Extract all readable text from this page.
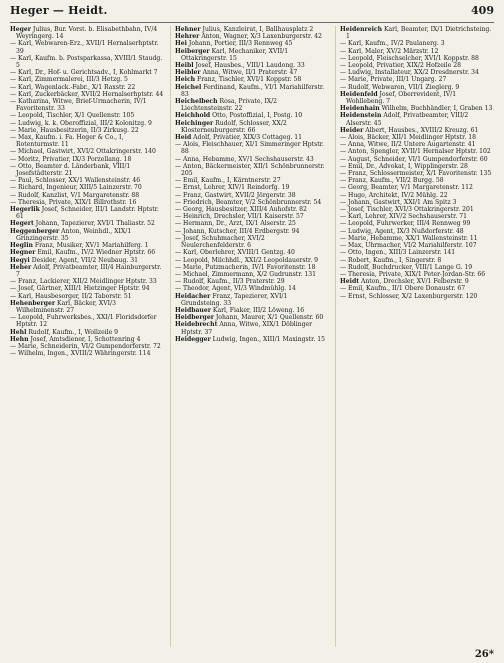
Heger — Heidt.	409

Heger Julius, Bur. Vorst. b. Elisabethbahn, IV/4 Weyringerg. 14

— Karl, Webwaren-Erz., XVII/1 Hernalserhptstr. 39

— Karl, Kaufm. b. Postsparkassa, XVIII/1 Staudg. 5

— Karl, Dr., Hof- u. Gerichtsadv., I, Kohlmarkt 7

— Karl, Zimmermalerei, III/3 Hetzg. 5

— Karl, Wagenlack.-Fabr., X/1 Raxstr. 22

— Karl, Zuckerbäcker, XVII/2 Hernalserhptstr. 44

— Katharina, Witwe, Brief-Urmacherin, IV/1 Favoritenstr. 33

— Leopold, Tischler, X/1 Quellenstr. 105

— Ludwig, k. k. Oberoffizial, III/2 Kolonitzg. 9

— Marie, Hausbesitzerin, II/3 Zirkusg. 22

— Max, Kaufm. i. Fa. Heger & Co., I, Rotenturmstr. 11

— Michael, Gastwirt, XVI/2 Ottakringerstr. 140

— Moritz, Privatier, IX/3 Porzellang. 18

— Otto, Beamter d. Länderbank, VIII/1 Josefstädterstr. 21

— Paul, Schlosser, XX/1 Wallensteinstr. 46

— Richard, Ingenieur, XIII/5 Lainzerstr. 70

— Rudolf, Kanzlist, V/1 Margaretenstr. 88

— Theresia, Private, XIX/1 Billrothstr. 16

Hegerlik Josef, Schneider, III/1 Landstr. Hptstr. 61

Hegert Johann, Tapezierer, XVI/1 Thaliastr. 52

Heggenberger Anton, Weinhdl., XIX/1 Grinzingerstr. 35

Heglin Franz, Musiker, XV/1 Mariahilferg. 1

Hegner Emil, Kaufm., IV/2 Wiedner Hptstr. 66

Hegyi Desider, Agent, VII/2 Neubaug. 31

Heher Adolf, Privatbeamter, III/4 Hainburgerstr. 7

— Franz, Lackierer, XII/2 Meidlinger Hptstr. 33

— Josef, Gärtner, XIII/1 Hietzinger Hptstr. 94

— Karl, Hausbesorger, II/2 Taborstr. 51

Hehenberger Karl, Bäcker, XVI/3 Wilhelminenstr. 27

— Leopold, Fuhrwerksbes., XXI/1 Floridsdorfer Hptstr. 12

Hehl Rudolf, Kaufm., I, Wollzeile 9

Hehn Josef, Amtsdiener, I, Schottenring 4

— Marie, Schneiderin, VI/2 Gumpendorferstr. 72

— Wilhelm, Ingen., XVIII/2 Währingerstr. 114

Hehner Julius, Kanzleirat, I, Ballhausplatz 2

Hehrer Anton, Wagner, X/3 Laxenburgerstr. 42

Hei Johann, Portier, III/3 Rennweg 45

Heiberger Karl, Mechaniker, XVII/1 Ottakringerstr. 15

Heibl Josef, Hausbes., VIII/1 Laudong. 33

Heibler Anna, Witwe, II/1 Praterstr. 47

Heich Franz, Tischler, XVI/1 Koppstr. 58

Heichel Ferdinand, Kaufm., VI/1 Mariahilferstr. 83

Heichelbech Rosa, Private, IX/2 Liechtensteinstr. 22

Heichhold Otto, Postoffizial, I, Postg. 10

Heichinger Rudolf, Schlosser, XX/2 Klosterneuburgerstr. 66

Heid Adolf, Privatier, XIX/3 Cottageg. 11

— Alois, Fleischhauer, XI/1 Simmeringer Hptstr. 88

— Anna, Hebamme, XV/1 Sechshauserstr. 43

— Anton, Bäckermeister, XII/1 Schönbrunnerstr. 205

— Emil, Kaufm., I, Kärntnerstr. 27

— Ernst, Lehrer, XIV/1 Reindorfg. 19

— Franz, Gastwirt, XVII/2 Jörgerstr. 38

— Friedrich, Beamter, V/2 Schönbrunnerstr. 54

— Georg, Hausbesitzer, XIII/4 Auhofstr. 82

— Heinrich, Drechsler, VII/1 Kaiserstr. 57

— Hermann, Dr., Arzt, IX/1 Alserstr. 25

— Johann, Kutscher, III/4 Erdbergstr. 94

— Josef, Schuhmacher, XVI/2 Neulerchenfelderstr. 6

— Karl, Oberlehrer, XVIII/1 Gentzg. 40

— Leopold, Milchhdl., XXI/2 Leopoldauerstr. 9

— Marie, Putzmacherin, IV/1 Favoritenstr. 18

— Michael, Zimmermann, X/2 Gudrunstr. 131

— Rudolf, Kaufm., II/3 Praterstr. 29

— Theodor, Agent, VI/3 Windmühlg. 14

Heidacher Franz, Tapezierer, XVI/1 Grundsteing. 33

Heidbauer Karl, Fiaker, III/2 Löweng. 16

Heidberger Johann, Maurer, X/1 Quellenstr. 60

Heidebrecht Anna, Witwe, XIX/1 Döblinger Hptstr. 37

Heidegger Ludwig, Ingen., XIII/1 Maxingstr. 15

Heidenreich Karl, Beamter, IX/1 Dietrichsteing. 1

— Karl, Kaufm., IV/2 Paulanerg. 3

— Karl, Maler, XV/2 Märzstr. 12

— Leopold, Fleischselcher, XVI/1 Koppstr. 88

— Leopold, Privatier, XIX/2 Hofzeile 28

— Ludwig, Installateur, XX/2 Dresdnerstr. 34

— Marie, Private, III/1 Ungarg. 27

— Rudolf, Webwaren, VII/1 Zieglerg. 9

Heidenfeld Josef, Oberrevident, IV/1 Wohllebeng. 7

Heidenhain Wilhelm, Buchhändler, I, Graben 13

Heidenstein Adolf, Privatbeamter, VIII/2 Alserstr. 45

Heider Albert, Hausbes., XVIII/2 Kreuzg. 61

— Alois, Bäcker, XII/1 Meidlinger Hptstr. 18

— Anna, Witwe, II/2 Untere Augartenstr. 41

— Anton, Spengler, XVII/1 Hernalser Hptstr. 102

— August, Schneider, VI/1 Gumpendorferstr. 60

— Emil, Dr., Advokat, I, Wipplingerstr. 28

— Franz, Schlossermeister, X/1 Favoritenstr. 135

— Franz, Kaufm., VII/2 Burgg. 58

— Georg, Beamter, V/1 Margaretenstr. 112

— Hugo, Architekt, IV/2 Mühlg. 22

— Johann, Gastwirt, XXI/1 Am Spitz 3

— Josef, Tischler, XVI/3 Ottakringerstr. 201

— Karl, Lehrer, XIV/2 Sechshauserstr. 71

— Leopold, Fuhrwerker, III/4 Rennweg 99

— Ludwig, Agent, IX/3 Nußdorferstr. 48

— Marie, Hebamme, XX/1 Wallensteinstr. 11

— Max, Uhrmacher, VI/2 Mariahilferstr. 107

— Otto, Ingen., XIII/3 Lainzerstr. 141

— Robert, Kaufm., I, Singerstr. 8

— Rudolf, Buchdrucker, VIII/1 Lange G. 19

— Theresia, Private, XIX/1 Peter-Jordan-Str. 66

Heidt Anton, Drechsler, XV/1 Felberstr. 9

— Emil, Kaufm., II/1 Obere Donaustr. 67

— Ernst, Schlosser, X/2 Laxenburgerstr. 120

26*
